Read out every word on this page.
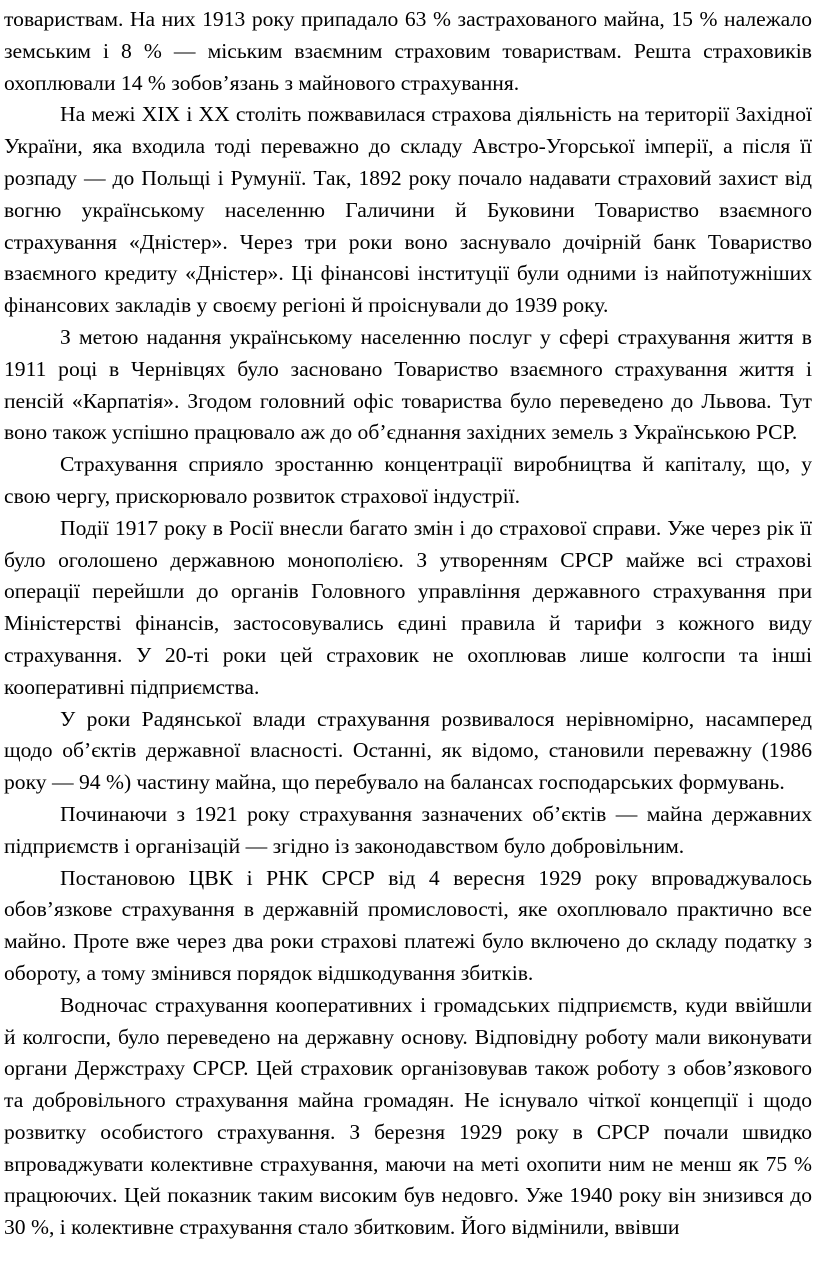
товариствам. На них 1913 року припадало 63 % застрахованого майна, 15 % належало земським і 8 % — міським взаємним страховим товариствам. Решта страховиків охоплювали 14 % зобов’язань з майнового страхування.

На межі ХІХ і ХХ століть пожвавилася страхова діяльність на території Західної України, яка входила тоді переважно до складу Австро-Угорської імперії, а після її розпаду — до Польщі і Румунії. Так, 1892 року почало надавати страховий захист від вогню українському населенню Галичини й Буковини Товариство взаємного страхування «Дністер». Через три роки воно заснувало дочірній банк Товариство взаємного кредиту «Дністер». Ці фінансові інституції були одними із найпотужніших фінансових закладів у своєму регіоні й проіснували до 1939 року.

З метою надання українському населенню послуг у сфері страхування життя в 1911 році в Чернівцях було засновано Товариство взаємного страхування життя і пенсій «Карпатія». Згодом головний офіс товариства було переведено до Львова. Тут воно також успішно працювало аж до об’єднання західних земель з Українською РСР.

Страхування сприяло зростанню концентрації виробництва й капіталу, що, у свою чергу, прискорювало розвиток страхової індустрії.

Події 1917 року в Росії внесли багато змін і до страхової справи. Уже через рік її було оголошено державною монополією. З утворенням СРСР майже всі страхові операції перейшли до органів Головного управління державного страхування при Міністерстві фінансів, застосовувались єдині правила й тарифи з кожного виду страхування. У 20-ті роки цей страховик не охоплював лише колгоспи та інші кооперативні підприємства.

У роки Радянської влади страхування розвивалося нерівномірно, насамперед щодо об’єктів державної власності. Останні, як відомо, становили переважну (1986 року — 94 %) частину майна, що перебувало на балансах господарських формувань.

Починаючи з 1921 року страхування зазначених об’єктів — майна державних підприємств і організацій — згідно із законодавством було добровільним.

Постановою ЦВК і РНК СРСР від 4 вересня 1929 року впроваджувалось обов’язкове страхування в державній промисловості, яке охоплювало практично все майно. Проте вже через два роки страхові платежі було включено до складу податку з обороту, а тому змінився порядок відшкодування збитків.

Водночас страхування кооперативних і громадських підприємств, куди ввійшли й колгоспи, було переведено на державну основу. Відповідну роботу мали виконувати органи Держстраху СРСР. Цей страховик організовував також роботу з обов’язкового та добровільного страхування майна громадян. Не існувало чіткої концепції і щодо розвитку особистого страхування. З березня 1929 року в СРСР почали швидко впроваджувати колективне страхування, маючи на меті охопити ним не менш як 75 % працюючих. Цей показник таким високим був недовго. Уже 1940 року він знизився до 30 %, і колективне страхування стало збитковим. Його відмінили, ввівши
